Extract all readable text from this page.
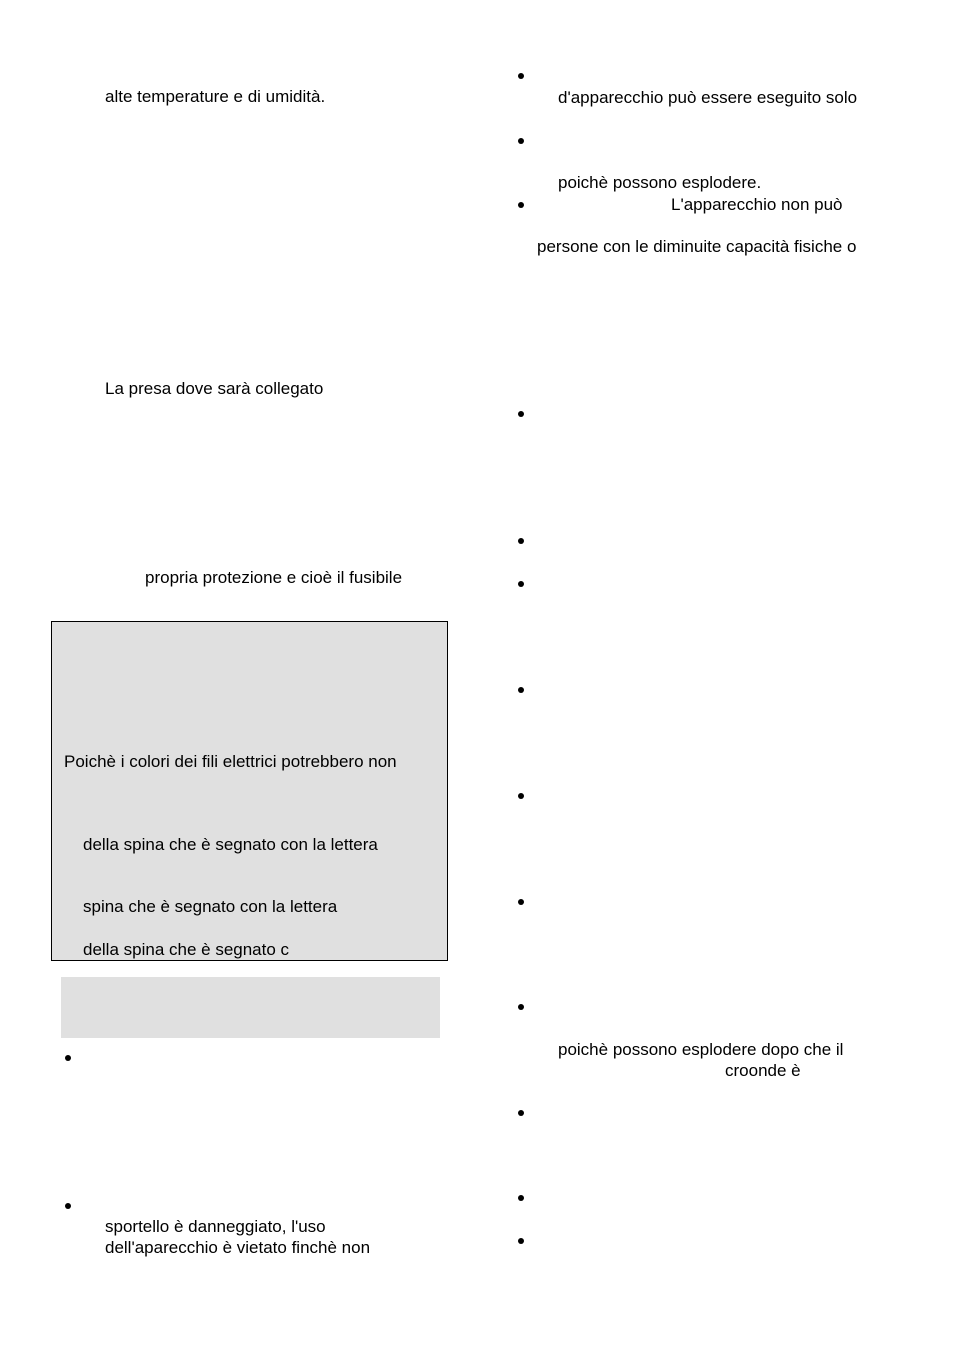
alte temperature e di umidità.
La presa dove sarà collegato
propria protezione e cioè il fusibile
Poichè i colori dei fili elettrici potrebbero non
della spina che è segnato con la lettera
spina che è segnato con la lettera
della spina che è segnato c
sportello è danneggiato, l'uso
dell'aparecchio è vietato finchè non
d'apparecchio può essere eseguito solo
poichè possono esplodere.
L'apparecchio non può
persone con le diminuite capacità fisiche o
poichè possono esplodere dopo che il
croonde è
